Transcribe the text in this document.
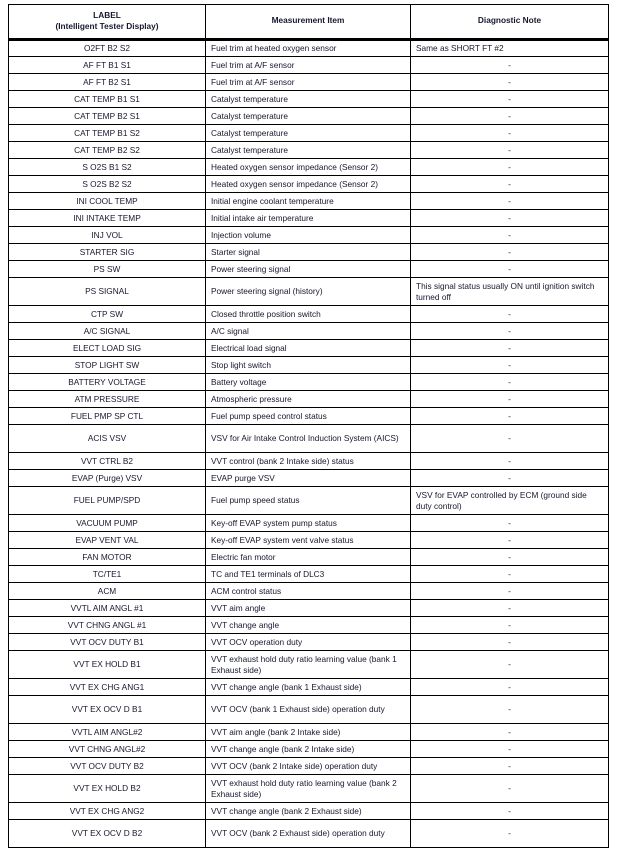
LABEL
(Intelligent Tester Display)	Measurement Item	Diagnostic Note
O2FT B2 S2	Fuel trim at heated oxygen sensor	Same as SHORT FT #2
AF FT B1 S1	Fuel trim at A/F sensor	-
AF FT B2 S1	Fuel trim at A/F sensor	-
CAT TEMP B1 S1	Catalyst temperature	-
CAT TEMP B2 S1	Catalyst temperature	-
CAT TEMP B1 S2	Catalyst temperature	-
CAT TEMP B2 S2	Catalyst temperature	-
S O2S B1 S2	Heated oxygen sensor impedance (Sensor 2)	-
S O2S B2 S2	Heated oxygen sensor impedance (Sensor 2)	-
INI COOL TEMP	Initial engine coolant temperature	-
INI INTAKE TEMP	Initial intake air temperature	-
INJ VOL	Injection volume	-
STARTER SIG	Starter signal	-
PS SW	Power steering signal	-
PS SIGNAL	Power steering signal (history)	This signal status usually ON until ignition switch turned off
CTP SW	Closed throttle position switch	-
A/C SIGNAL	A/C signal	-
ELECT LOAD SIG	Electrical load signal	-
STOP LIGHT SW	Stop light switch	-
BATTERY VOLTAGE	Battery voltage	-
ATM PRESSURE	Atmospheric pressure	-
FUEL PMP SP CTL	Fuel pump speed control status	-
ACIS VSV	VSV for Air Intake Control Induction System (AICS)	-
VVT CTRL B2	VVT control (bank 2 Intake side) status	-
EVAP (Purge) VSV	EVAP purge VSV	-
FUEL PUMP/SPD	Fuel pump speed status	VSV for EVAP controlled by ECM (ground side duty control)
VACUUM PUMP	Key-off EVAP system pump status	-
EVAP VENT VAL	Key-off EVAP system vent valve status	-
FAN MOTOR	Electric fan motor	-
TC/TE1	TC and TE1 terminals of DLC3	-
ACM	ACM control status	-
VVTL AIM ANGL #1	VVT aim angle	-
VVT CHNG ANGL #1	VVT change angle	-
VVT OCV DUTY B1	VVT OCV operation duty	-
VVT EX HOLD B1	VVT exhaust hold duty ratio learning value (bank 1 Exhaust side)	-
VVT EX CHG ANG1	VVT change angle (bank 1 Exhaust side)	-
VVT EX OCV D B1	VVT OCV (bank 1 Exhaust side) operation duty	-
VVTL AIM ANGL#2	VVT aim angle (bank 2 Intake side)	-
VVT CHNG ANGL#2	VVT change angle (bank 2 Intake side)	-
VVT OCV DUTY B2	VVT OCV (bank 2 Intake side) operation duty	-
VVT EX HOLD B2	VVT exhaust hold duty ratio learning value (bank 2 Exhaust side)	-
VVT EX CHG ANG2	VVT change angle (bank 2 Exhaust side)	-
VVT EX OCV D B2	VVT OCV (bank 2 Exhaust side) operation duty	-
